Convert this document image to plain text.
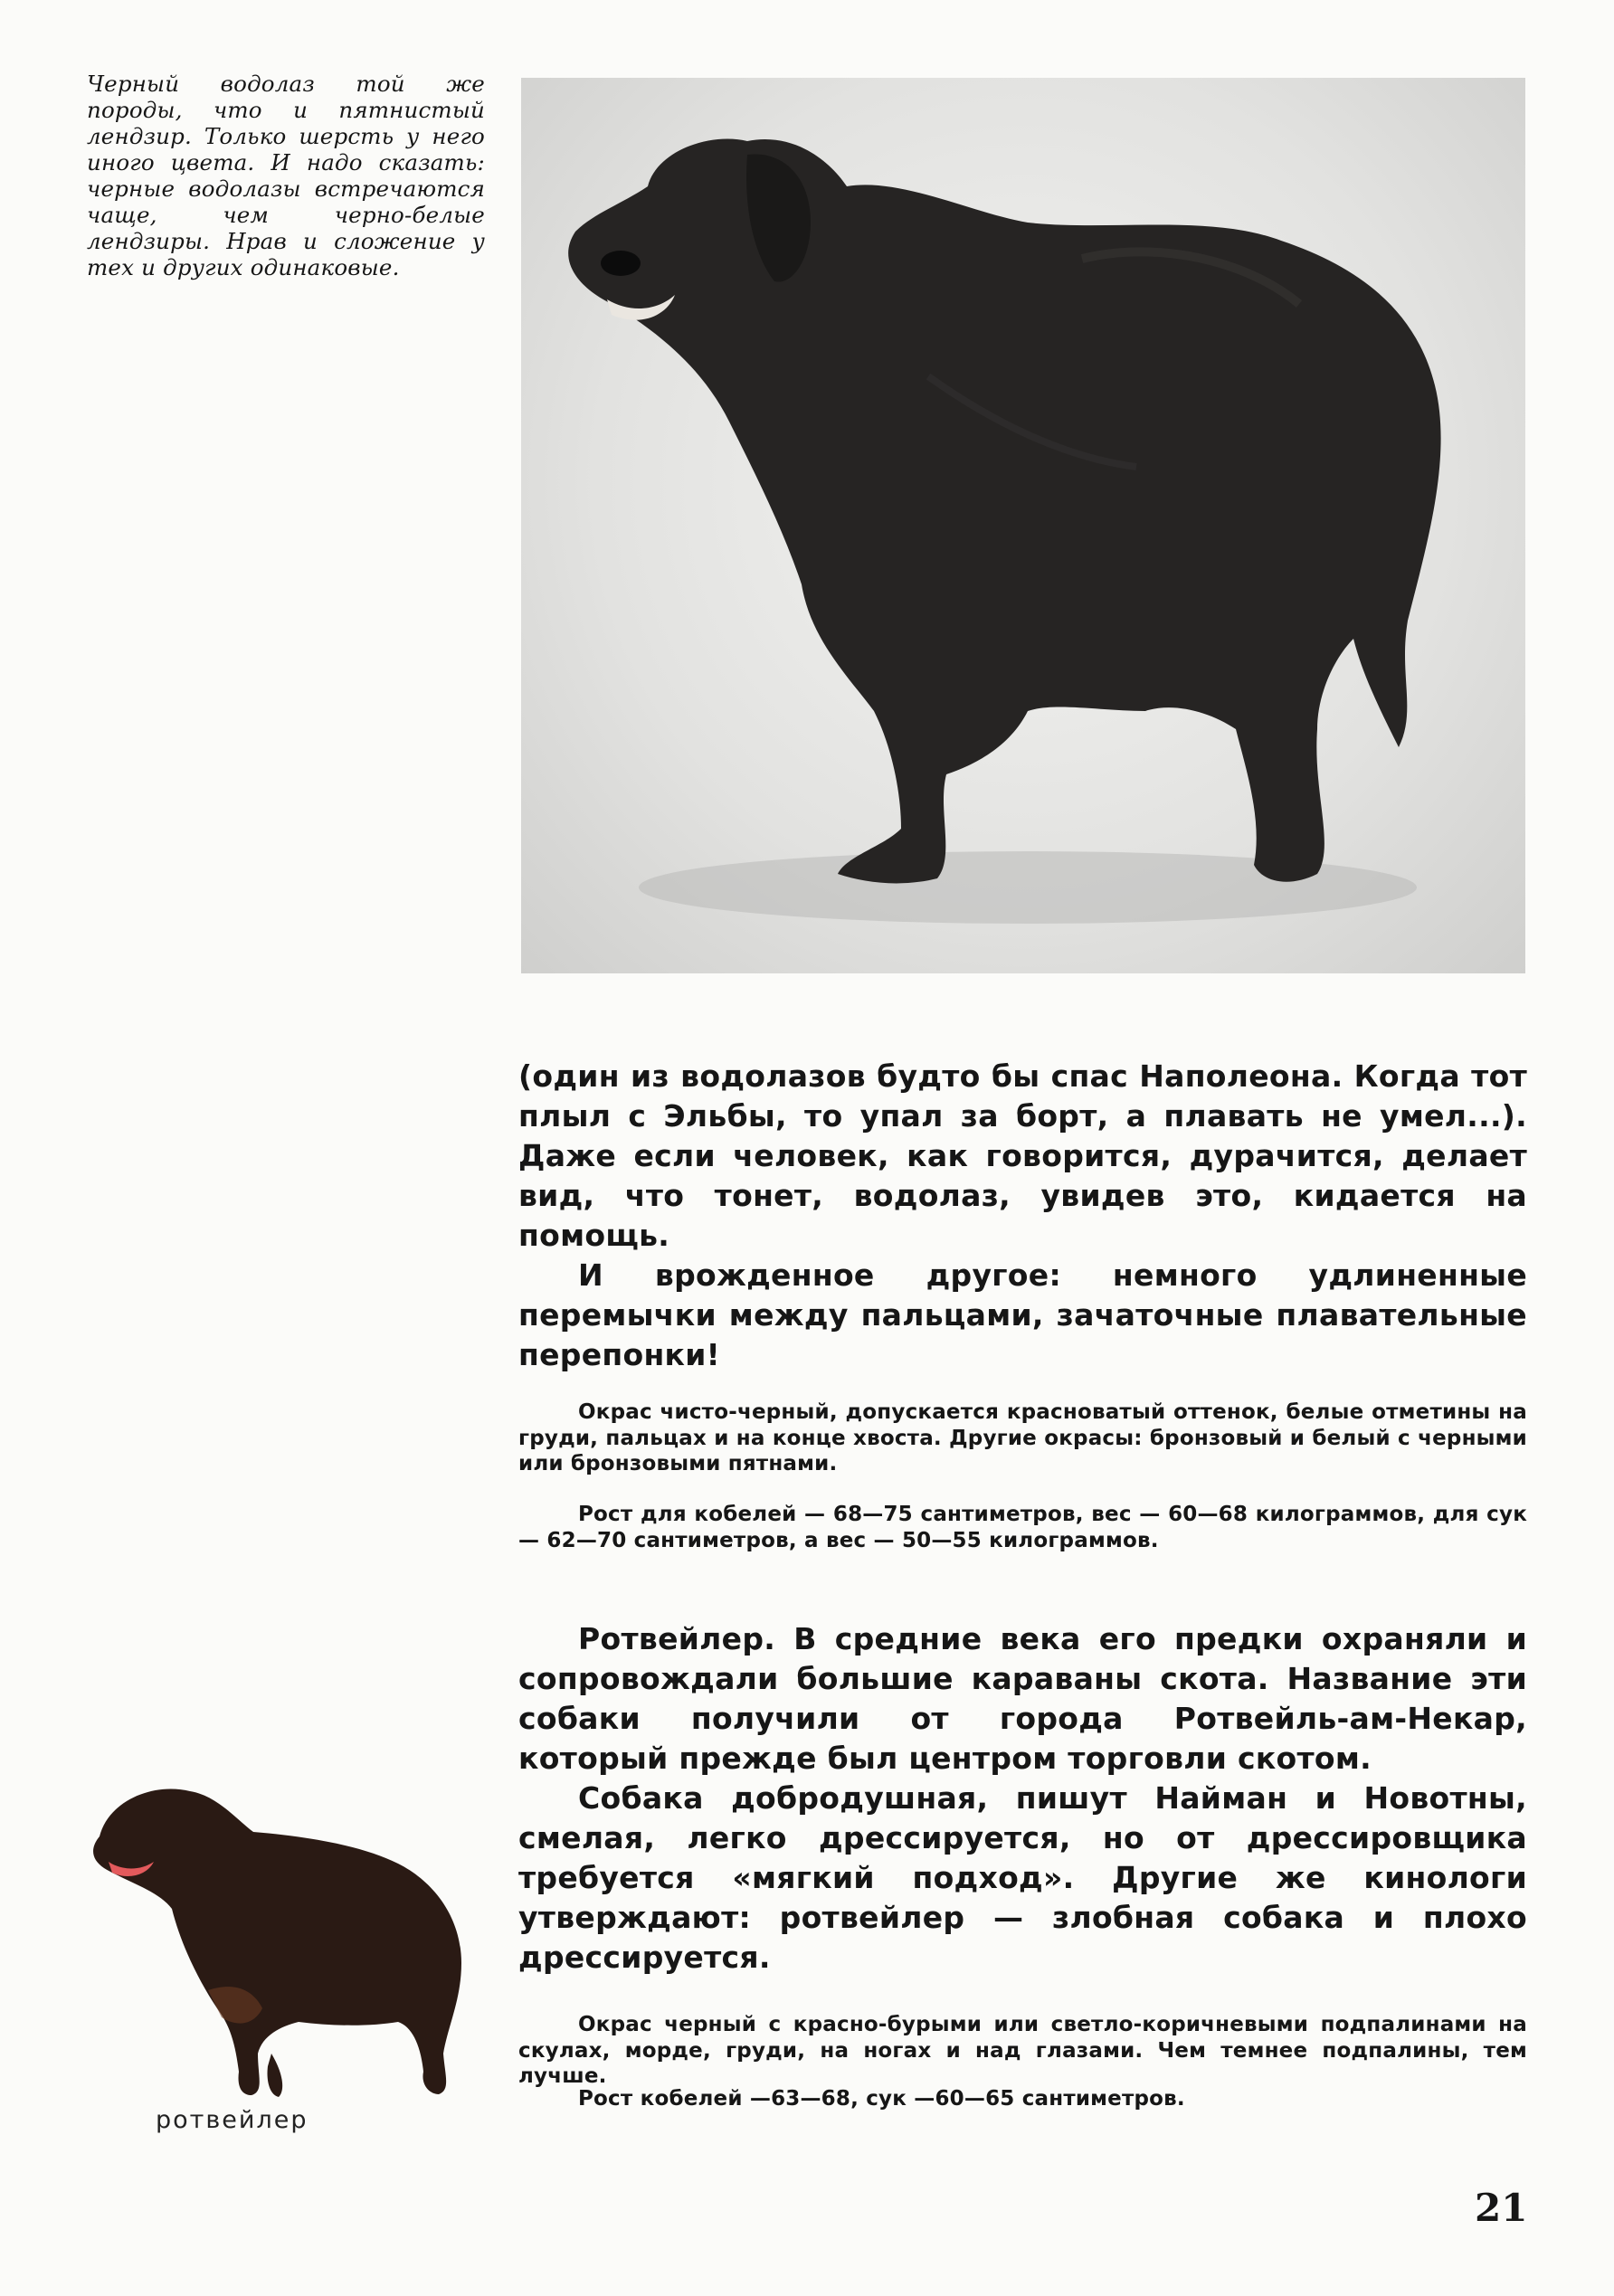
Черный водолаз той же породы, что и пятнистый лендзир. Только шерсть у него иного цвета. И надо сказать: черные водолазы встречаются чаще, чем черно-белые лендзиры. Нрав и сложение у тех и других одинаковые.

(один из водолазов будто бы спас Наполеона. Когда тот плыл с Эльбы, то упал за борт, а плавать не умел...). Даже если человек, как говорится, дурачится, делает вид, что тонет, водолаз, увидев это, кидается на помощь.

И врожденное другое: немного удлиненные перемычки между пальцами, зачаточные плавательные перепонки!

Окрас чисто-черный, допускается красноватый оттенок, белые отметины на груди, пальцах и на конце хвоста. Другие окрасы: бронзовый и белый с черными или бронзовыми пятнами.

Рост для кобелей — 68—75 сантиметров, вес — 60—68 килограммов, для сук — 62—70 сантиметров, а вес — 50—55 килограммов.

Ротвейлер. В средние века его предки охраняли и сопровождали большие караваны скота. Название эти собаки получили от города Ротвейль-ам-Некар, который прежде был центром торговли скотом.

Собака добродушная, пишут Найман и Новотны, смелая, легко дрессируется, но от дрессировщика требуется «мягкий подход». Другие же кинологи утверждают: ротвейлер — злобная собака и плохо дрессируется.

ротвейлер

Окрас черный с красно-бурыми или светло-коричневыми подпалинами на скулах, морде, груди, на ногах и над глазами. Чем темнее подпалины, тем лучше.

Рост кобелей —63—68, сук —60—65 сантиметров.

21
